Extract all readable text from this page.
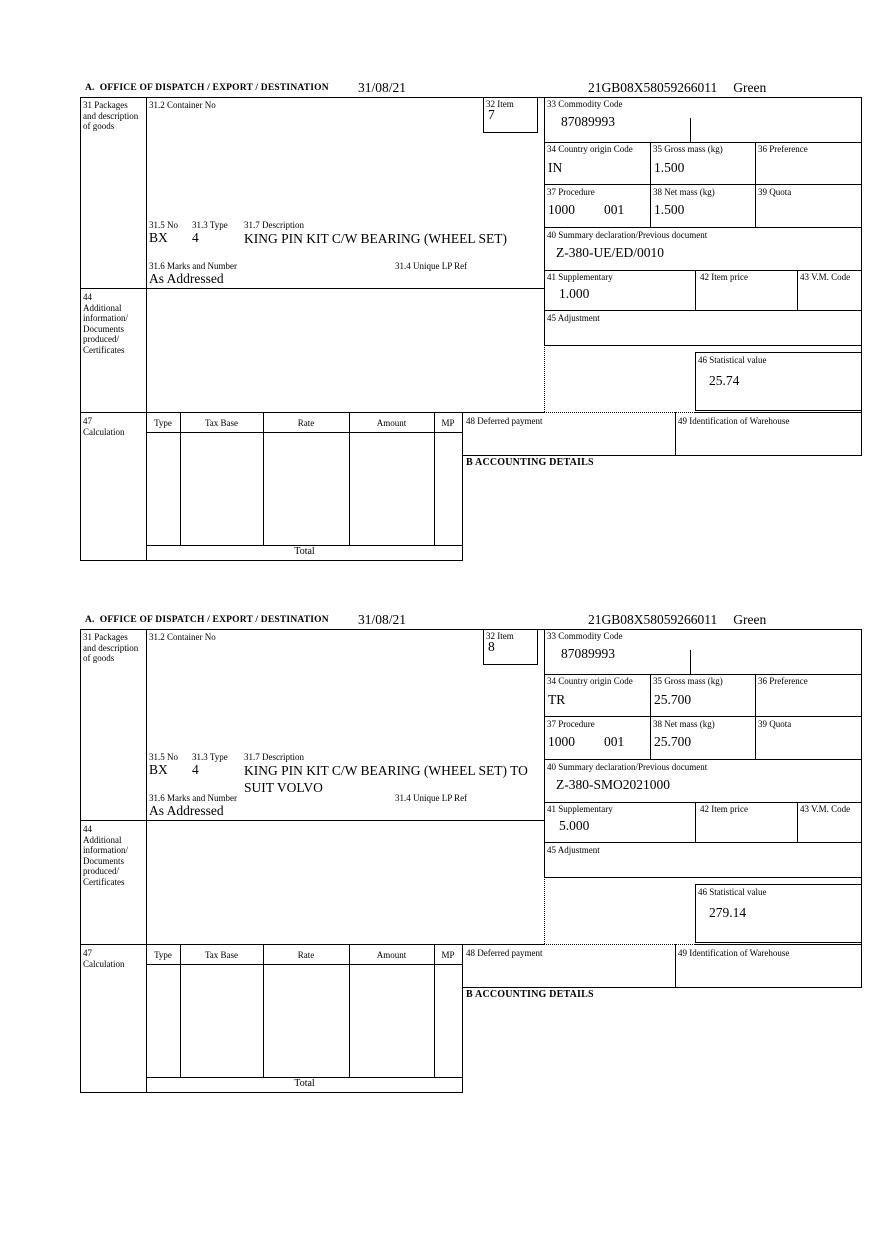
A.  OFFICE OF DISPATCH / EXPORT / DESTINATION 31/08/21	21GB08X58059266011 Green
31 Packages and description of goods
31.2 Container No	32 Item
7
33 Commodity Code
87089993
34 Country origin Code
IN
35 Gross mass (kg)
1.500
36 Preference
37 Procedure
1000 001
38 Net mass (kg)
1.500
39 Quota
31.5 No 31.3 Type 31.7 Description
BX 4	KING PIN KIT C/W BEARING (WHEEL SET)	40 Summary declaration/Previous document
Z-380-UE/ED/0010
31.6 Marks and Number	31.4 Unique LP Ref
As Addressed	41 Supplementary
1.000
42 Item price	43 V.M. Code
44 Additional information/ Documents produced/ Certificates
45 Adjustment
46 Statistical value
25.74
47 Calculation
Type	Tax Base	Rate	Amount	MP
Total
48 Deferred payment	49 Identification of Warehouse
B ACCOUNTING DETAILS
A.  OFFICE OF DISPATCH / EXPORT / DESTINATION 31/08/21	21GB08X58059266011 Green
31 Packages and description of goods
31.2 Container No	32 Item
8
33 Commodity Code
87089993
34 Country origin Code
TR
35 Gross mass (kg)
25.700
36 Preference
37 Procedure
1000 001
38 Net mass (kg)
25.700
39 Quota
31.5 No 31.3 Type 31.7 Description
BX 4	KING PIN KIT C/W BEARING (WHEEL SET) TO SUIT VOLVO
40 Summary declaration/Previous document
Z-380-SMO2021000
31.6 Marks and Number	31.4 Unique LP Ref
As Addressed	41 Supplementary
5.000
42 Item price	43 V.M. Code
44 Additional information/ Documents produced/ Certificates
45 Adjustment
46 Statistical value
279.14
47 Calculation
Type	Tax Base	Rate	Amount	MP
Total
48 Deferred payment	49 Identification of Warehouse
B ACCOUNTING DETAILS
